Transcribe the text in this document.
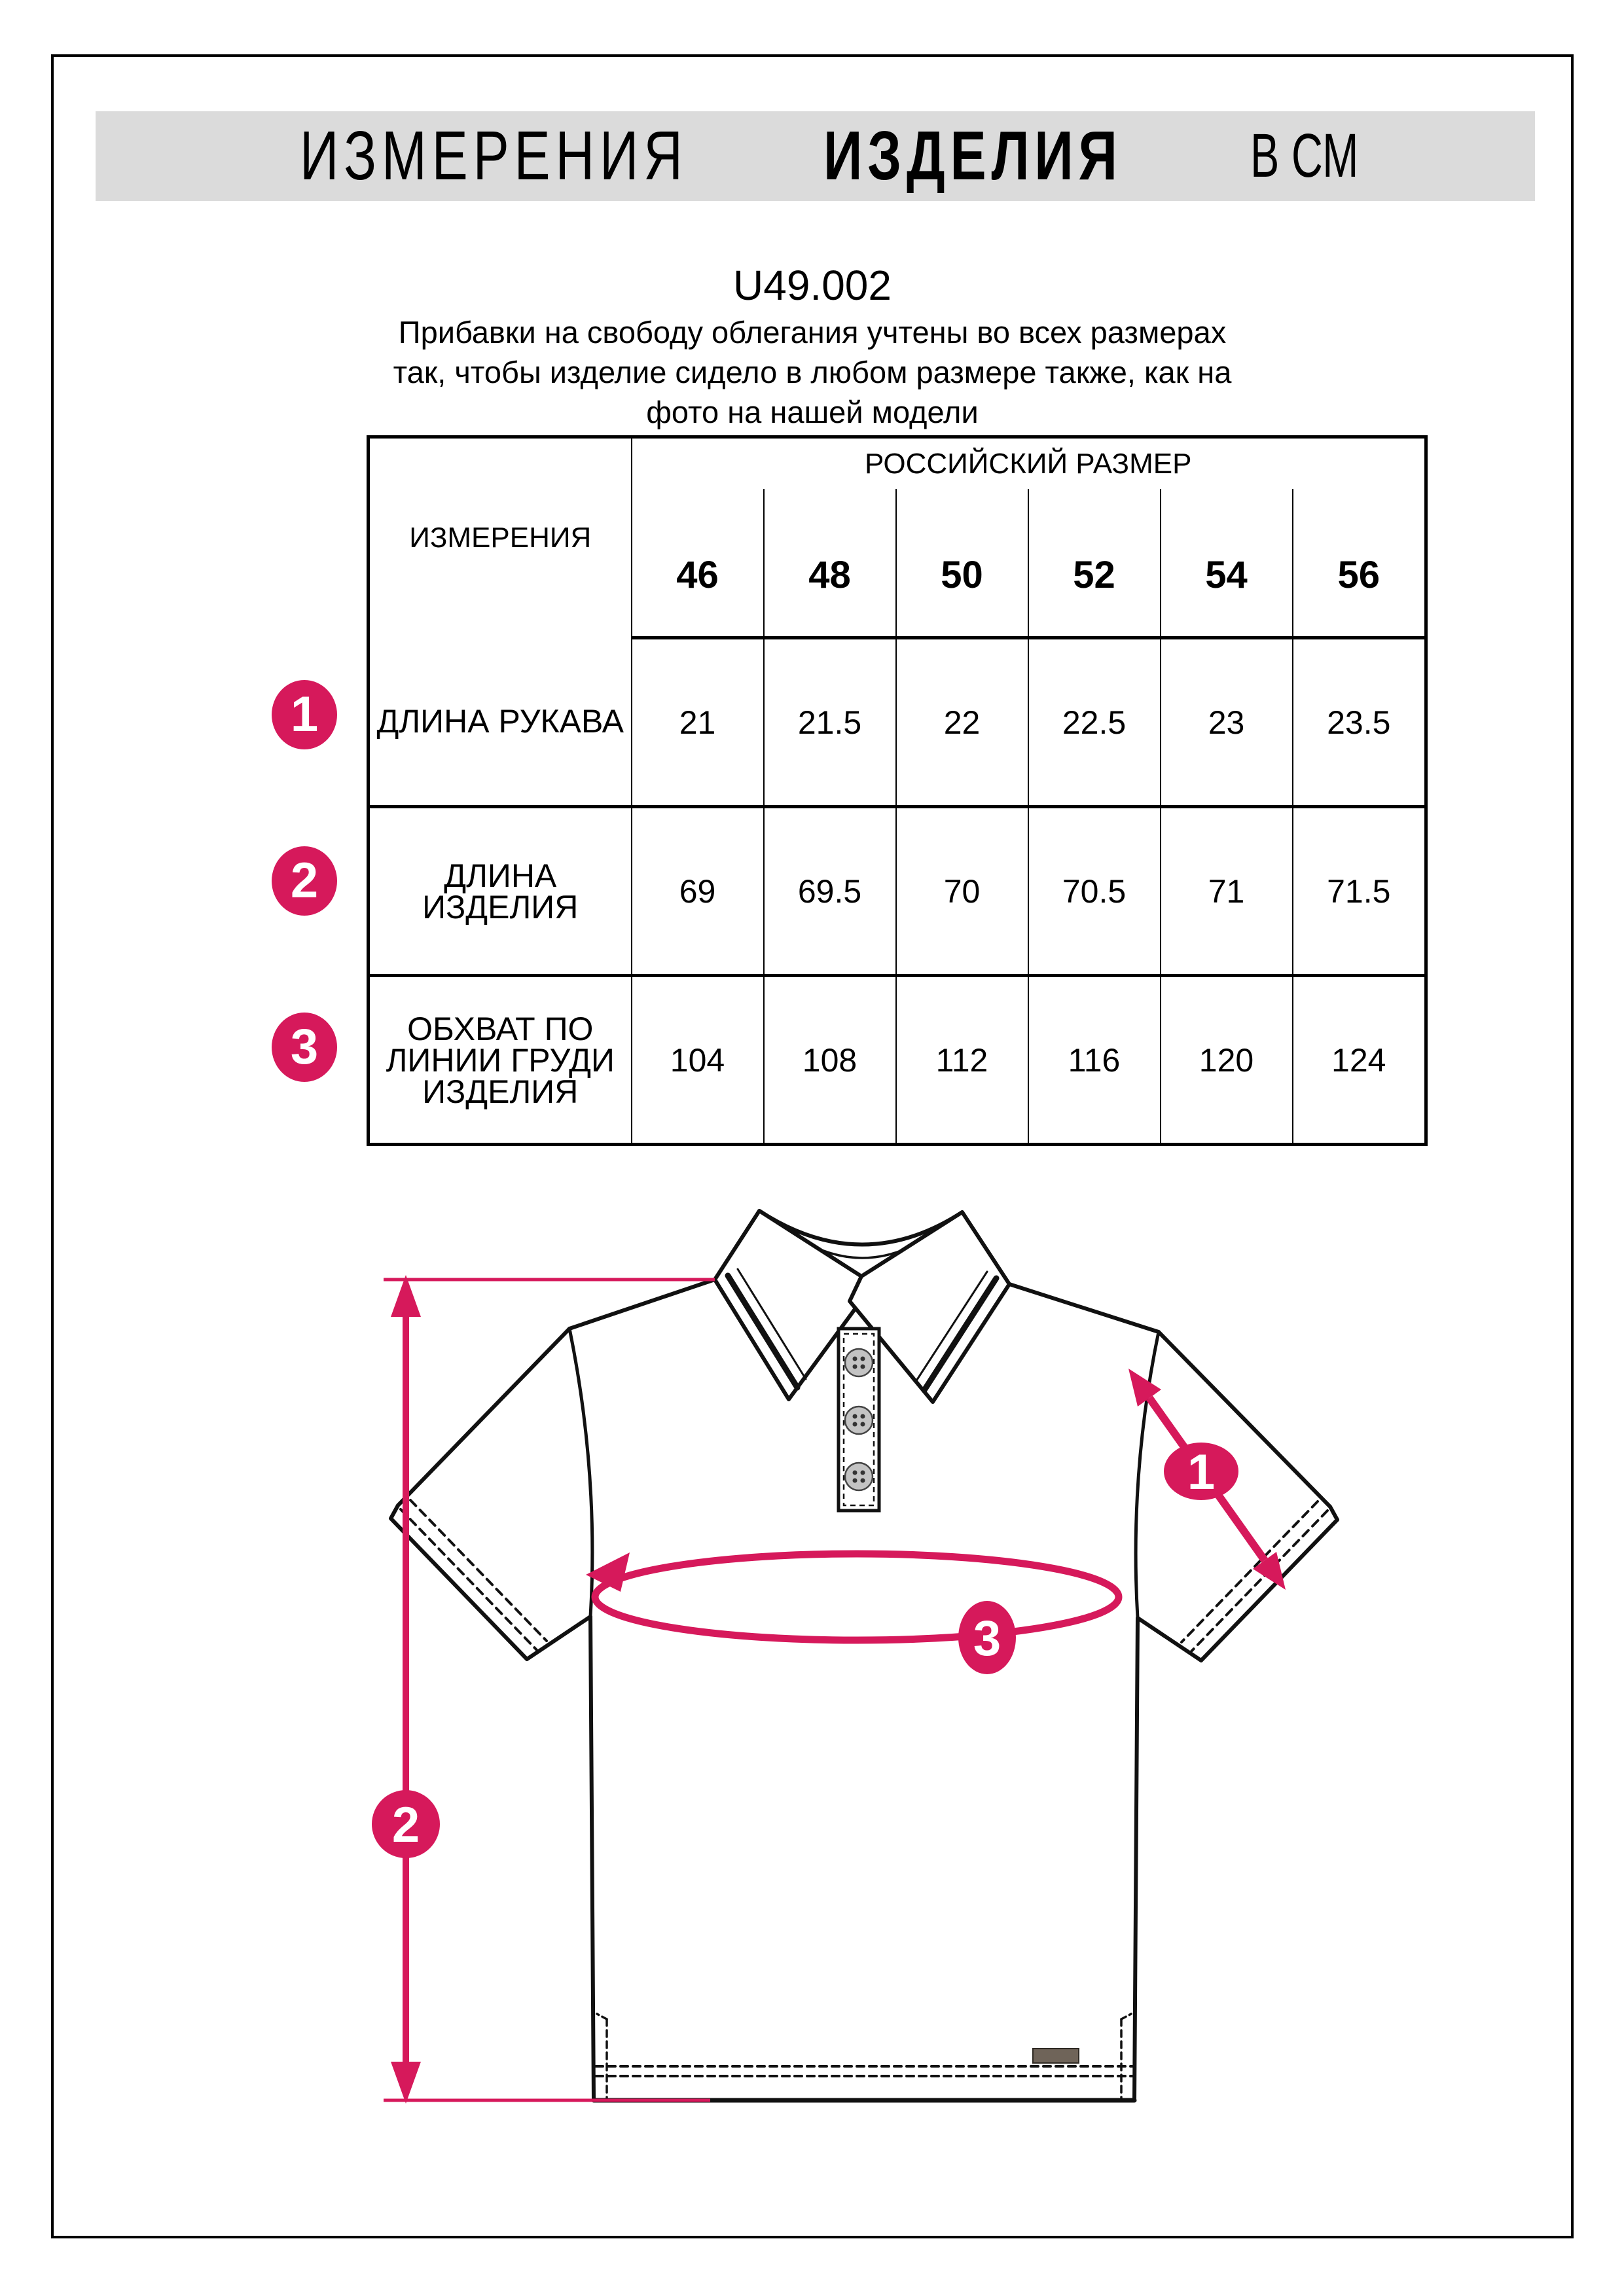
ИЗМЕРЕНИЯ ИЗДЕЛИЯ В СМ
U49.002
Прибавки на свободу облегания учтены во всех размерах
так, чтобы изделие сидело в любом размере также, как на
фото на нашей модели
ИЗМЕРЕНИЯ	РОССИЙСКИЙ РАЗМЕР					

	46	48	50	52	54	56

ДЛИНА РУКАВА	21	21.5	22	22.5	23	23.5
ДЛИНА ИЗДЕЛИЯ	69	69.5	70	70.5	71	71.5
ОБХВАТ ПО ЛИНИИ ГРУДИ ИЗДЕЛИЯ	104	108	112	116	120	124
1
2
3
1
2
3
